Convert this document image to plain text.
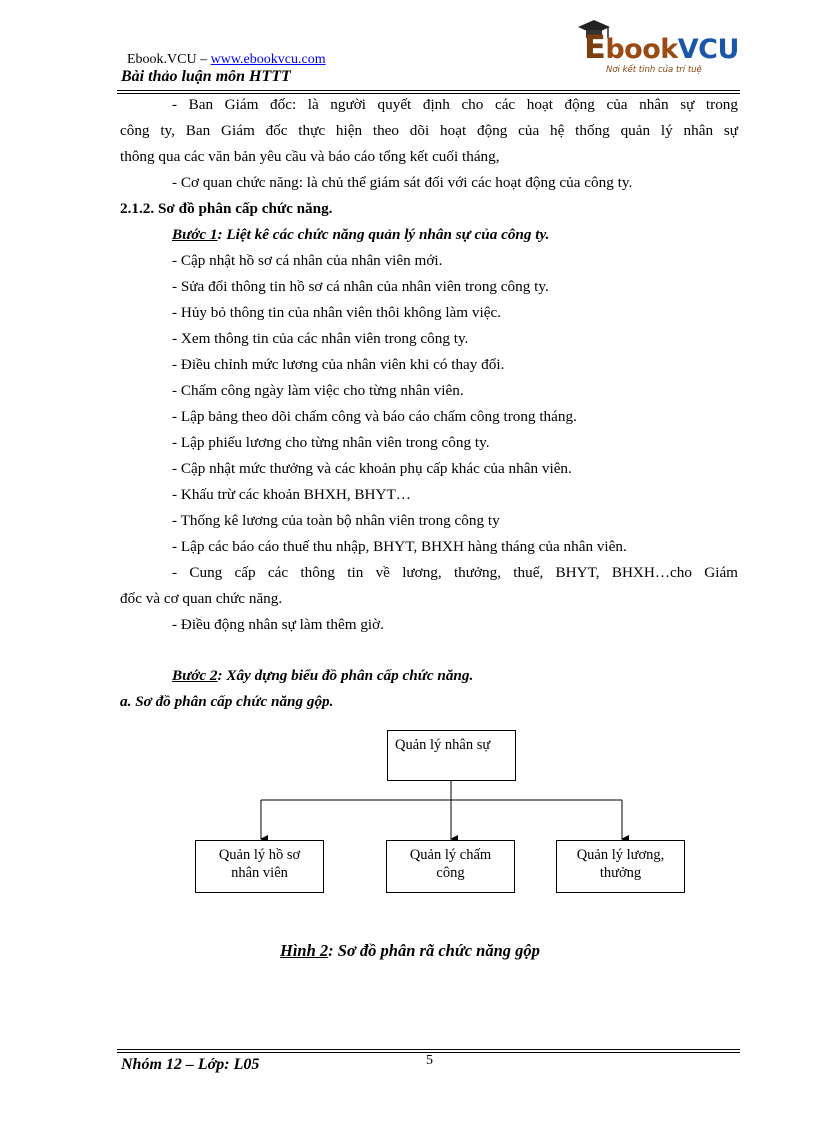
Ebook.VCU – www.ebookvcu.com
Bài thảo luận môn HTTT
EbookVCU
Nơi kết tinh của trí tuệ
- Ban Giám đốc: là người quyết định cho các hoạt động của nhân sự trong
công ty, Ban Giám đốc thực hiện theo dõi hoạt động của hệ thống quản lý nhân sự
thông qua các văn bản yêu cầu và báo cáo tổng kết cuối tháng,
- Cơ quan chức năng: là chủ thể giám sát đối với các hoạt động của công ty.
2.1.2. Sơ đồ phân cấp chức năng.
Bước 1: Liệt kê các chức năng quản lý nhân sự của công ty.
- Cập nhật hồ sơ cá nhân của nhân viên mới.
- Sửa đổi thông tin hồ sơ cá nhân của nhân viên trong công ty.
- Hủy bỏ thông tin của nhân viên thôi không làm việc.
- Xem thông tin của các nhân viên trong công ty.
- Điều chỉnh mức lương của nhân viên khi có thay đổi.
- Chấm công ngày làm việc cho từng nhân viên.
- Lập bảng theo dõi chấm công và báo cáo chấm công trong tháng.
- Lập phiếu lương cho từng nhân viên trong công ty.
- Cập nhật mức thưởng và các khoản phụ cấp khác của nhân viên.
- Khấu trừ các khoản BHXH, BHYT…
- Thống kê lương của toàn bộ nhân viên trong công ty
- Lập các báo cáo thuế thu nhập, BHYT, BHXH hàng tháng của nhân viên.
- Cung cấp các thông tin về lương, thưởng, thuế, BHYT, BHXH…cho Giám
đốc và cơ quan chức năng.
- Điều động nhân sự làm thêm giờ.
Bước 2: Xây dựng biểu đồ phân cấp chức năng.
a. Sơ đồ phân cấp chức năng gộp.
Quản lý nhân sự
Quản lý hồ sơ
nhân viên
Quản lý chấm
công
Quản lý lương,
thưởng
Hình 2: Sơ đồ phân rã chức năng gộp
Nhóm 12 – Lớp: L05	5
